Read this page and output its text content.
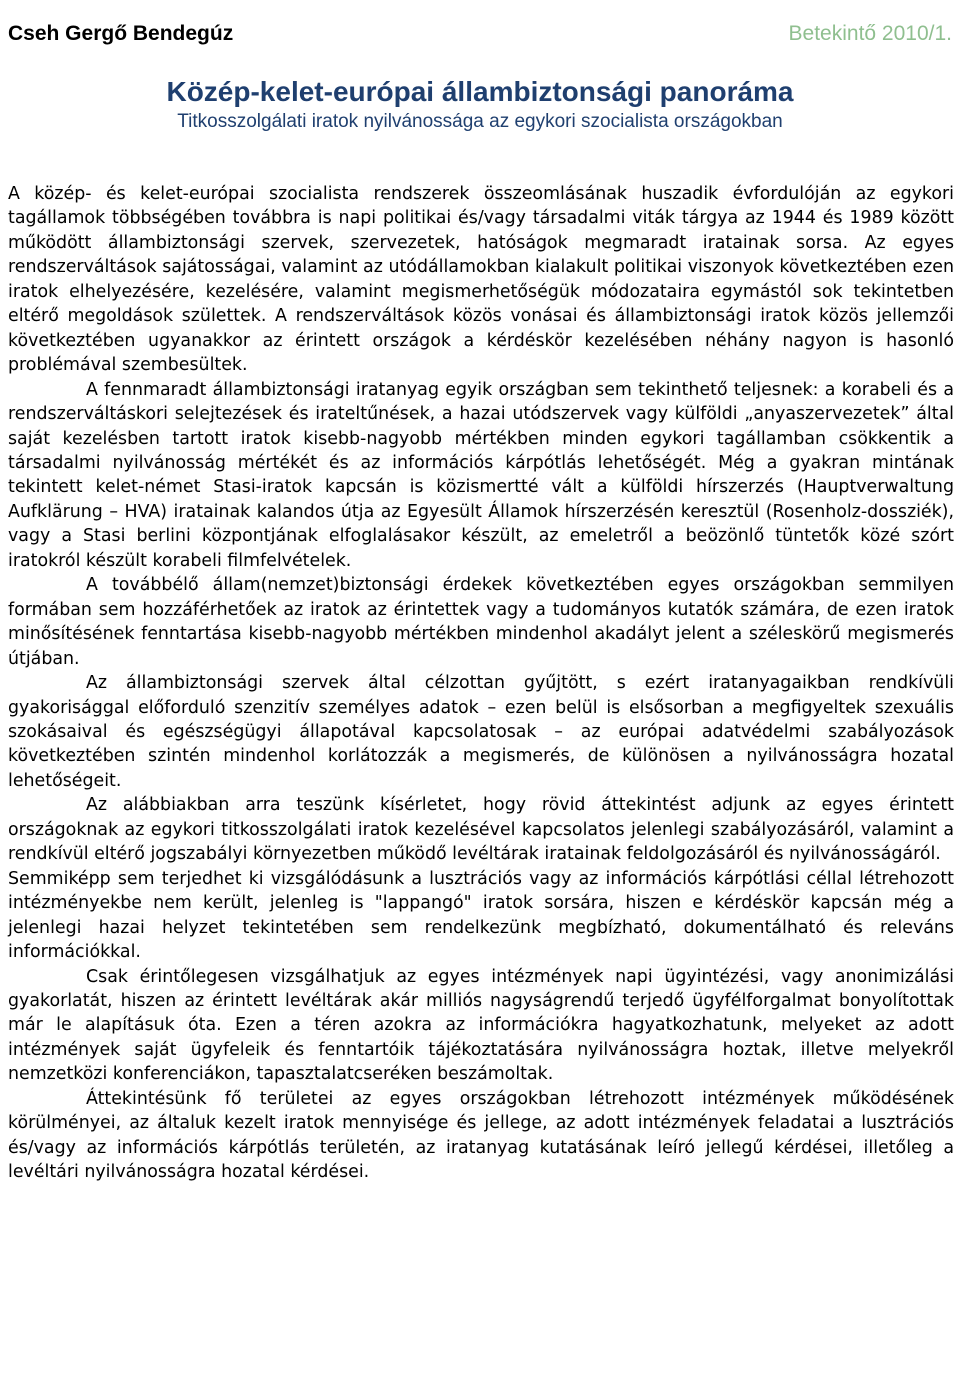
Cseh Gergő Bendegúz	Betekintő 2010/1.
Közép-kelet-európai állambiztonsági panoráma
Titkosszolgálati iratok nyilvánossága az egykori szocialista országokban

A közép- és kelet-európai szocialista rendszerek összeomlásának huszadik évfordulóján az egykori tagállamok többségében továbbra is napi politikai és/vagy társadalmi viták tárgya az 1944 és 1989 között működött állambiztonsági szervek, szervezetek, hatóságok megmaradt iratainak sorsa. Az egyes rendszerváltások sajátosságai, valamint az utódállamokban kialakult politikai viszonyok következtében ezen iratok elhelyezésére, kezelésére, valamint megismerhetőségük módozataira egymástól sok tekintetben eltérő megoldások születtek. A rendszerváltások közös vonásai és állambiztonsági iratok közös jellemzői következtében ugyanakkor az érintett országok a kérdéskör kezelésében néhány nagyon is hasonló problémával szembesültek.

A fennmaradt állambiztonsági iratanyag egyik országban sem tekinthető teljesnek: a korabeli és a rendszerváltáskori selejtezések és irateltűnések, a hazai utódszervek vagy külföldi „anyaszervezetek” által saját kezelésben tartott iratok kisebb-nagyobb mértékben minden egykori tagállamban csökkentik a társadalmi nyilvánosság mértékét és az információs kárpótlás lehetőségét. Még a gyakran mintának tekintett kelet-német Stasi-iratok kapcsán is közismertté vált a külföldi hírszerzés (Hauptverwaltung Aufklärung – HVA) iratainak kalandos útja az Egyesült Államok hírszerzésén keresztül (Rosenholz-dossziék), vagy a Stasi berlini központjának elfoglalásakor készült, az emeletről a beözönlő tüntetők közé szórt iratokról készült korabeli filmfelvételek.

A továbbélő állam(nemzet)biztonsági érdekek következtében egyes országokban semmilyen formában sem hozzáférhetőek az iratok az érintettek vagy a tudományos kutatók számára, de ezen iratok minősítésének fenntartása kisebb-nagyobb mértékben mindenhol akadályt jelent a széleskörű megismerés útjában.

Az állambiztonsági szervek által célzottan gyűjtött, s ezért iratanyagaikban rendkívüli gyakorisággal előforduló szenzitív személyes adatok – ezen belül is elsősorban a megfigyeltek szexuális szokásaival és egészségügyi állapotával kapcsolatosak – az európai adatvédelmi szabályozások következtében szintén mindenhol korlátozzák a megismerés, de különösen a nyilvánosságra hozatal lehetőségeit.

Az alábbiakban arra teszünk kísérletet, hogy rövid áttekintést adjunk az egyes érintett országoknak az egykori titkosszolgálati iratok kezelésével kapcsolatos jelenlegi szabályozásáról, valamint a rendkívül eltérő jogszabályi környezetben működő levéltárak iratainak feldolgozásáról és nyilvánosságáról.

Semmiképp sem terjedhet ki vizsgálódásunk a lusztrációs vagy az információs kárpótlási céllal létrehozott intézményekbe nem került, jelenleg is "lappangó" iratok sorsára, hiszen e kérdéskör kapcsán még a jelenlegi hazai helyzet tekintetében sem rendelkezünk megbízható, dokumentálható és releváns információkkal.

Csak érintőlegesen vizsgálhatjuk az egyes intézmények napi ügyintézési, vagy anonimizálási gyakorlatát, hiszen az érintett levéltárak akár milliós nagyságrendű terjedő ügyfélforgalmat bonyolítottak már le alapításuk óta. Ezen a téren azokra az információkra hagyatkozhatunk, melyeket az adott intézmények saját ügyfeleik és fenntartóik tájékoztatására nyilvánosságra hoztak, illetve melyekről nemzetközi konferenciákon, tapasztalatcseréken beszámoltak.

Áttekintésünk fő területei az egyes országokban létrehozott intézmények működésének körülményei, az általuk kezelt iratok mennyisége és jellege, az adott intézmények feladatai a lusztrációs és/vagy az információs kárpótlás területén, az iratanyag kutatásának leíró jellegű kérdései, illetőleg a levéltári nyilvánosságra hozatal kérdései.
